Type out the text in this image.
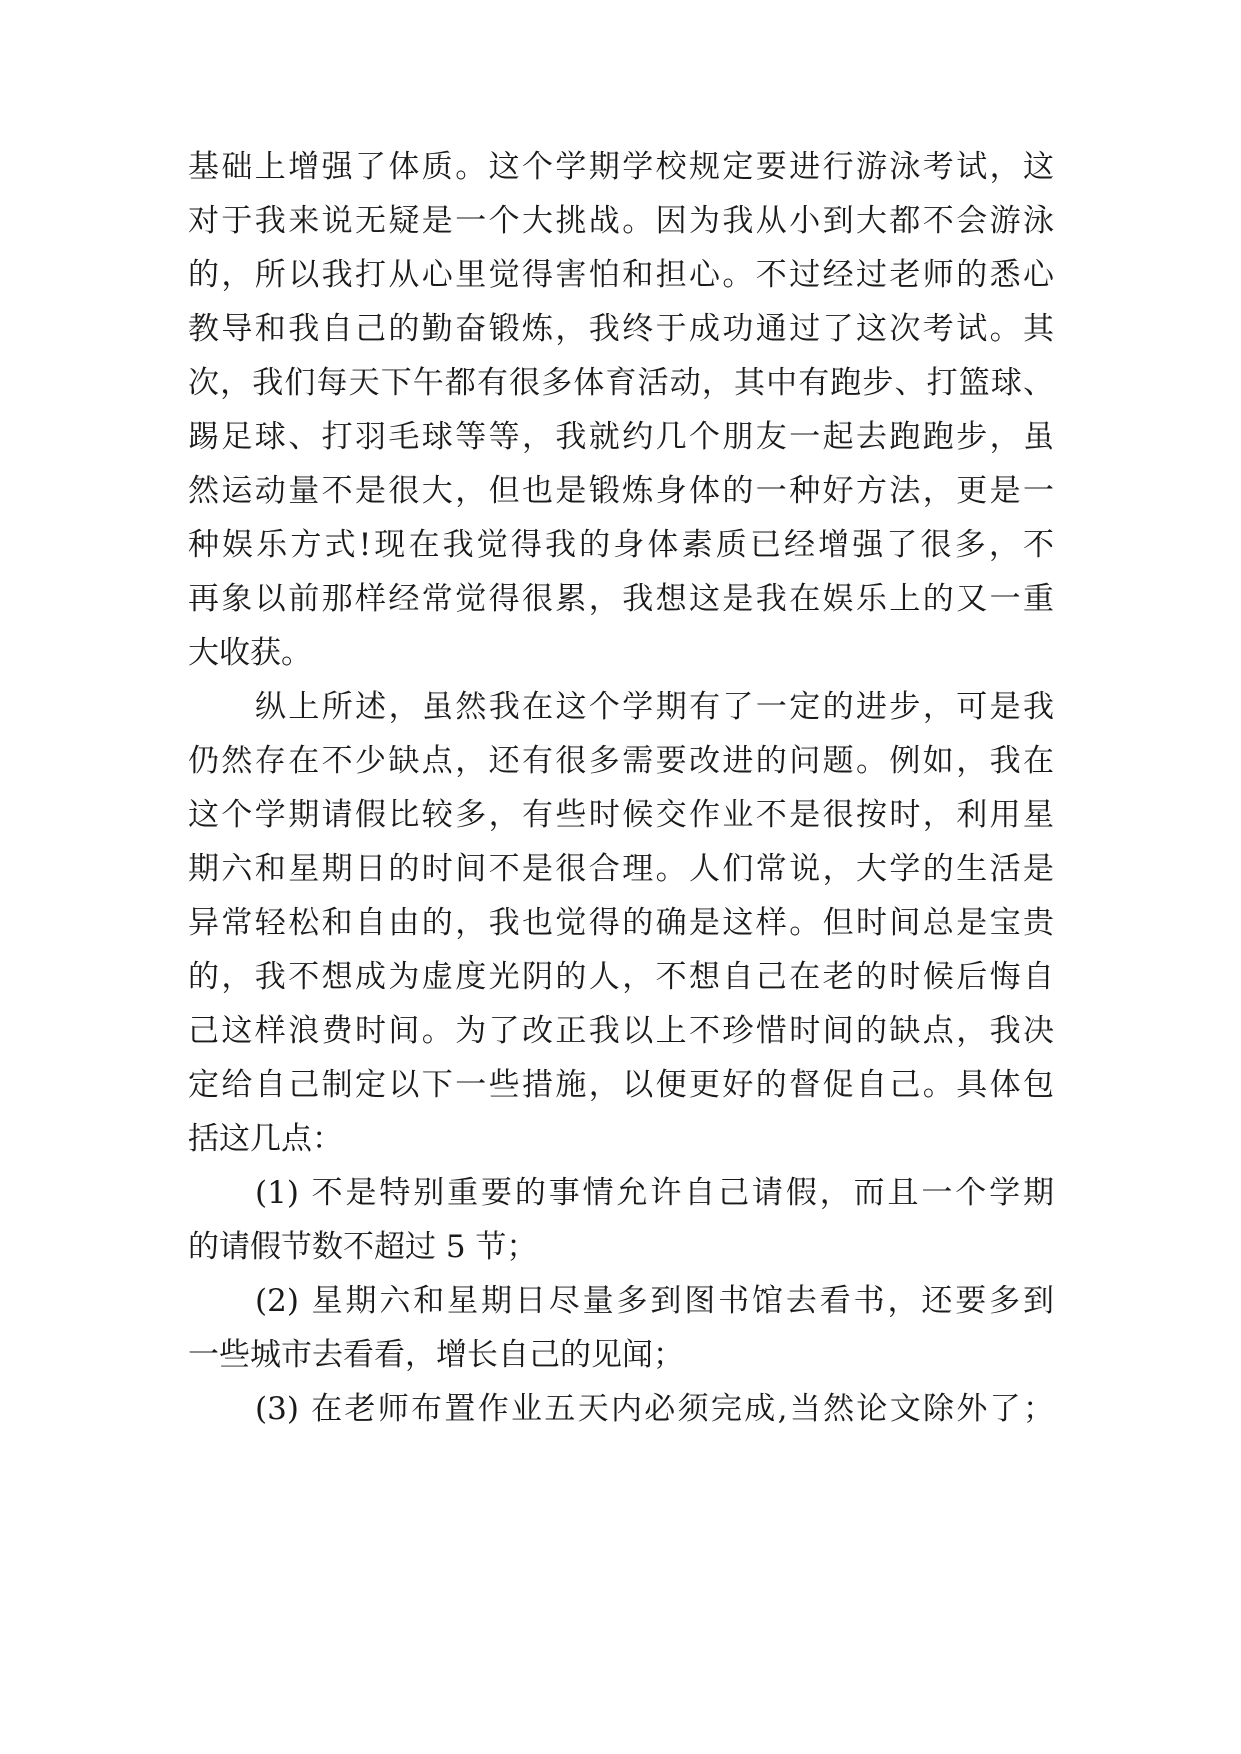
基础上增强了体质。这个学期学校规定要进行游泳考试，这
对于我来说无疑是一个大挑战。因为我从小到大都不会游泳
的，所以我打从心里觉得害怕和担心。不过经过老师的悉心
教导和我自己的勤奋锻炼，我终于成功通过了这次考试。其
次，我们每天下午都有很多体育活动，其中有跑步、打篮球、
踢足球、打羽毛球等等，我就约几个朋友一起去跑跑步，虽
然运动量不是很大，但也是锻炼身体的一种好方法，更是一
种娱乐方式!现在我觉得我的身体素质已经增强了很多，不
再象以前那样经常觉得很累，我想这是我在娱乐上的又一重
大收获。
纵上所述，虽然我在这个学期有了一定的进步，可是我
仍然存在不少缺点，还有很多需要改进的问题。例如，我在
这个学期请假比较多，有些时候交作业不是很按时，利用星
期六和星期日的时间不是很合理。人们常说，大学的生活是
异常轻松和自由的，我也觉得的确是这样。但时间总是宝贵
的，我不想成为虚度光阴的人，不想自己在老的时候后悔自
己这样浪费时间。为了改正我以上不珍惜时间的缺点，我决
定给自己制定以下一些措施，以便更好的督促自己。具体包
括这几点：
(1) 不是特别重要的事情允许自己请假，而且一个学期
的请假节数不超过 5 节；
(2) 星期六和星期日尽量多到图书馆去看书，还要多到
一些城市去看看，增长自己的见闻；
(3) 在老师布置作业五天内必须完成,当然论文除外了；
